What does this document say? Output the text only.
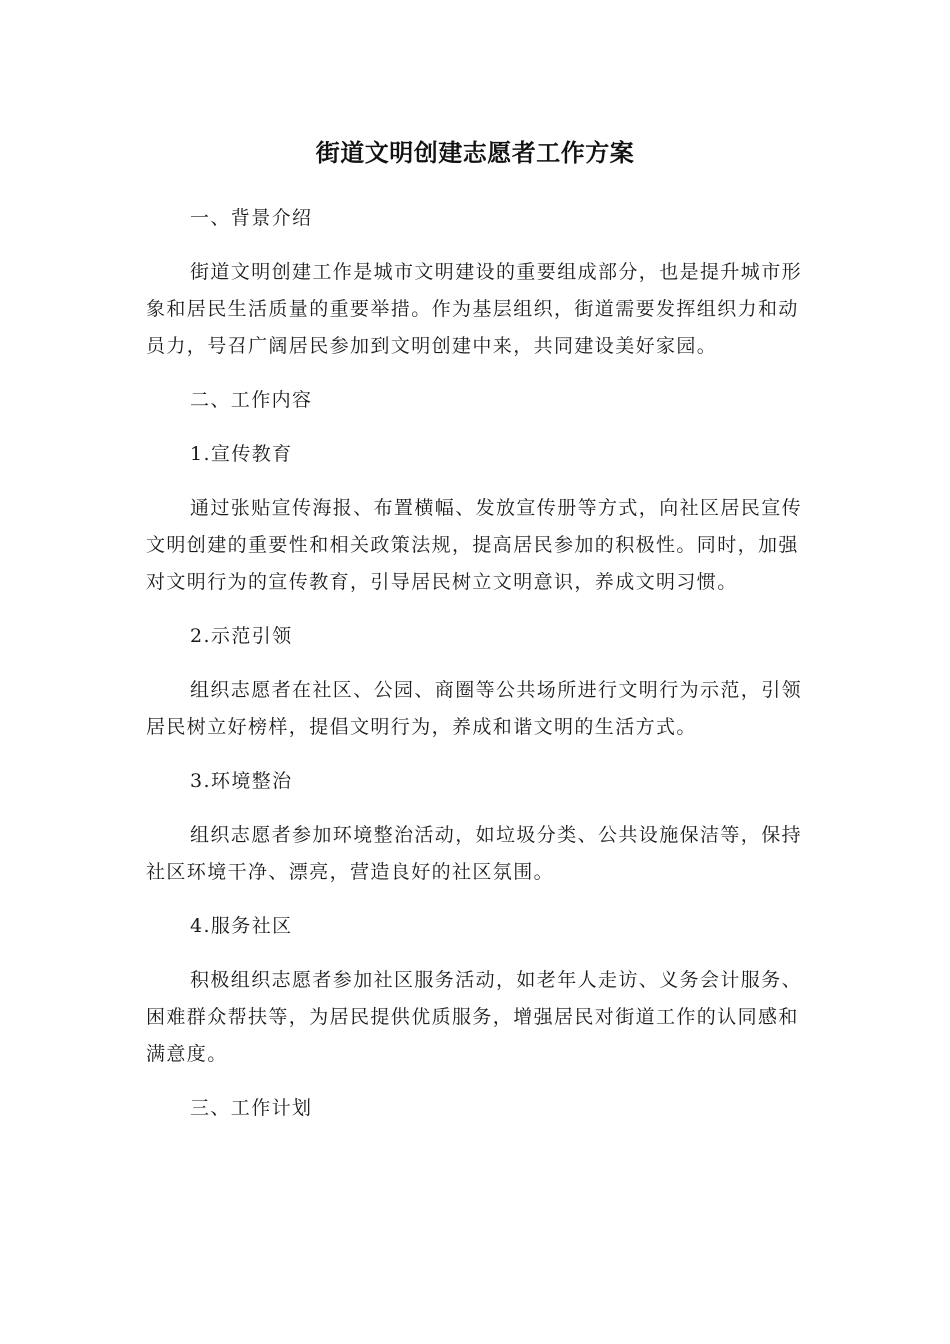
街道文明创建志愿者工作方案

一、背景介绍

街道文明创建工作是城市文明建设的重要组成部分，也是提升城市形象和居民生活质量的重要举措。作为基层组织，街道需要发挥组织力和动员力，号召广阔居民参加到文明创建中来，共同建设美好家园。

二、工作内容

1.宣传教育

通过张贴宣传海报、布置横幅、发放宣传册等方式，向社区居民宣传文明创建的重要性和相关政策法规，提高居民参加的积极性。同时，加强对文明行为的宣传教育，引导居民树立文明意识，养成文明习惯。

2.示范引领

组织志愿者在社区、公园、商圈等公共场所进行文明行为示范，引领居民树立好榜样，提倡文明行为，养成和谐文明的生活方式。

3.环境整治

组织志愿者参加环境整治活动，如垃圾分类、公共设施保洁等，保持社区环境干净、漂亮，营造良好的社区氛围。

4.服务社区

积极组织志愿者参加社区服务活动，如老年人走访、义务会计服务、困难群众帮扶等，为居民提供优质服务，增强居民对街道工作的认同感和满意度。

三、工作计划
